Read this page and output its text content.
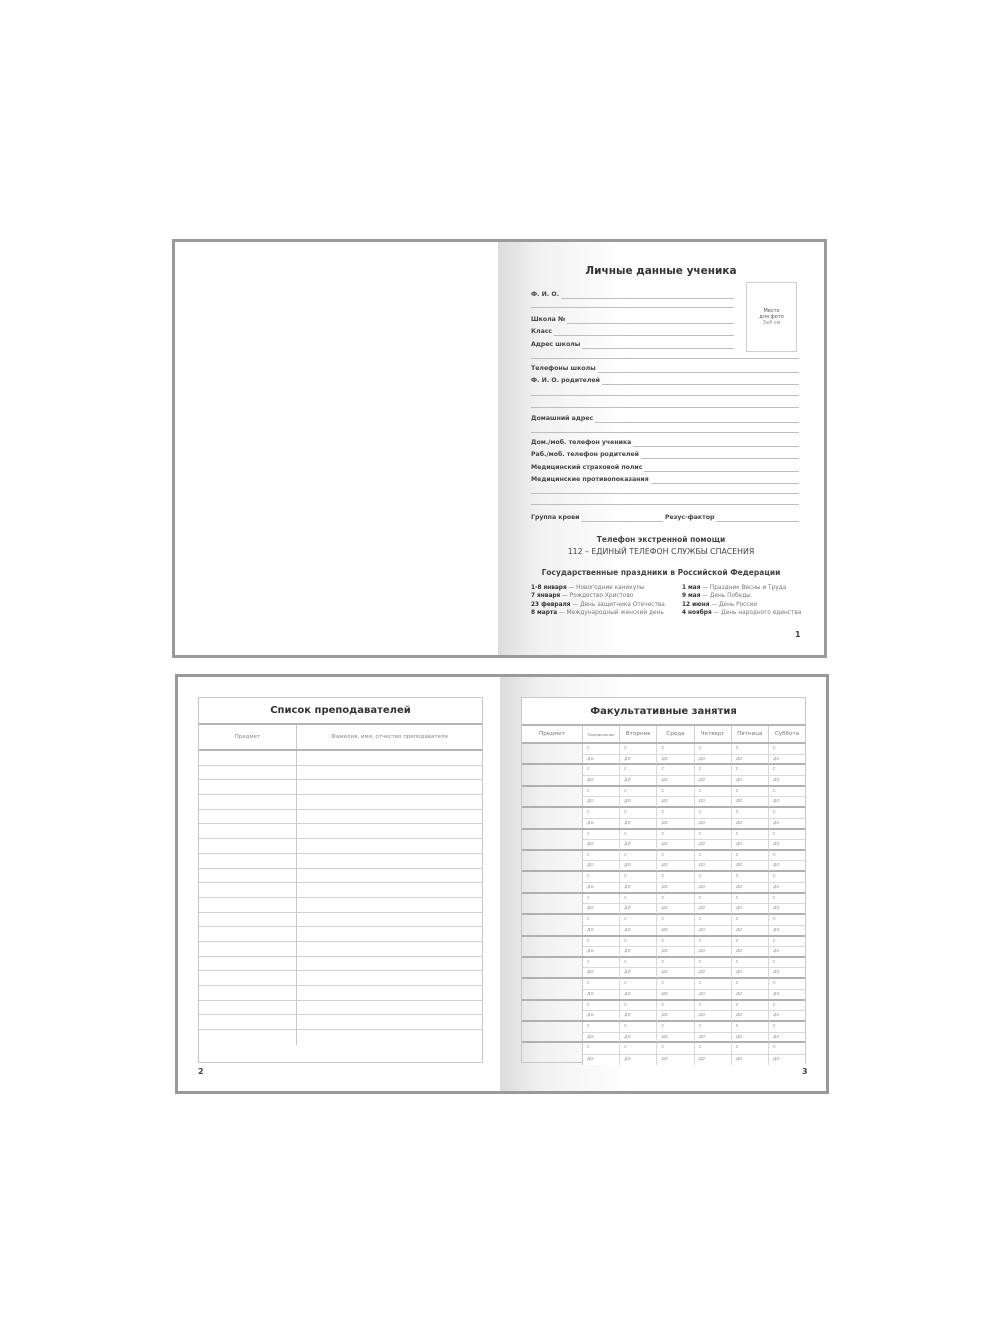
Личные данные ученика
Ф. И. О.
Школа №
Класс
Адрес школы
Место
для фото
3x4 см
Телефоны школы
Ф. И. О. родителей
Домашний адрес
Дом./моб. телефон ученика
Раб./моб. телефон родителей
Медицинский страховой полис
Медицинские противопоказания
Группа крови	Резус-фактор
Телефон экстренной помощи
112 – ЕДИНЫЙ ТЕЛЕФОН СЛУЖБЫ СПАСЕНИЯ
Государственные праздники в Российской Федерации
1-8 января — Новогодние каникулы
7 января — Рождество Христово
23 февраля — День защитника Отечества
8 марта — Международный женский день
1 мая — Праздник Весны и Труда
9 мая — День Победы
12 июня — День России
4 ноября — День народного единства
1
Список преподавателей
Предмет	Фамилия, имя, отчество преподавателя
2
Факультативные занятия
Предмет	Понедельник	Вторник	Среда	Четверг	Пятница	Суббота
с	с	с	с	с	с
до	до	до	до	до	до
с	с	с	с	с	с
до	до	до	до	до	до
с	с	с	с	с	с
до	до	до	до	до	до
с	с	с	с	с	с
до	до	до	до	до	до
с	с	с	с	с	с
до	до	до	до	до	до
с	с	с	с	с	с
до	до	до	до	до	до
с	с	с	с	с	с
до	до	до	до	до	до
с	с	с	с	с	с
до	до	до	до	до	до
с	с	с	с	с	с
до	до	до	до	до	до
с	с	с	с	с	с
до	до	до	до	до	до
с	с	с	с	с	с
до	до	до	до	до	до
с	с	с	с	с	с
до	до	до	до	до	до
с	с	с	с	с	с
до	до	до	до	до	до
с	с	с	с	с	с
до	до	до	до	до	до
с	с	с	с	с	с
до	до	до	до	до	до
3
